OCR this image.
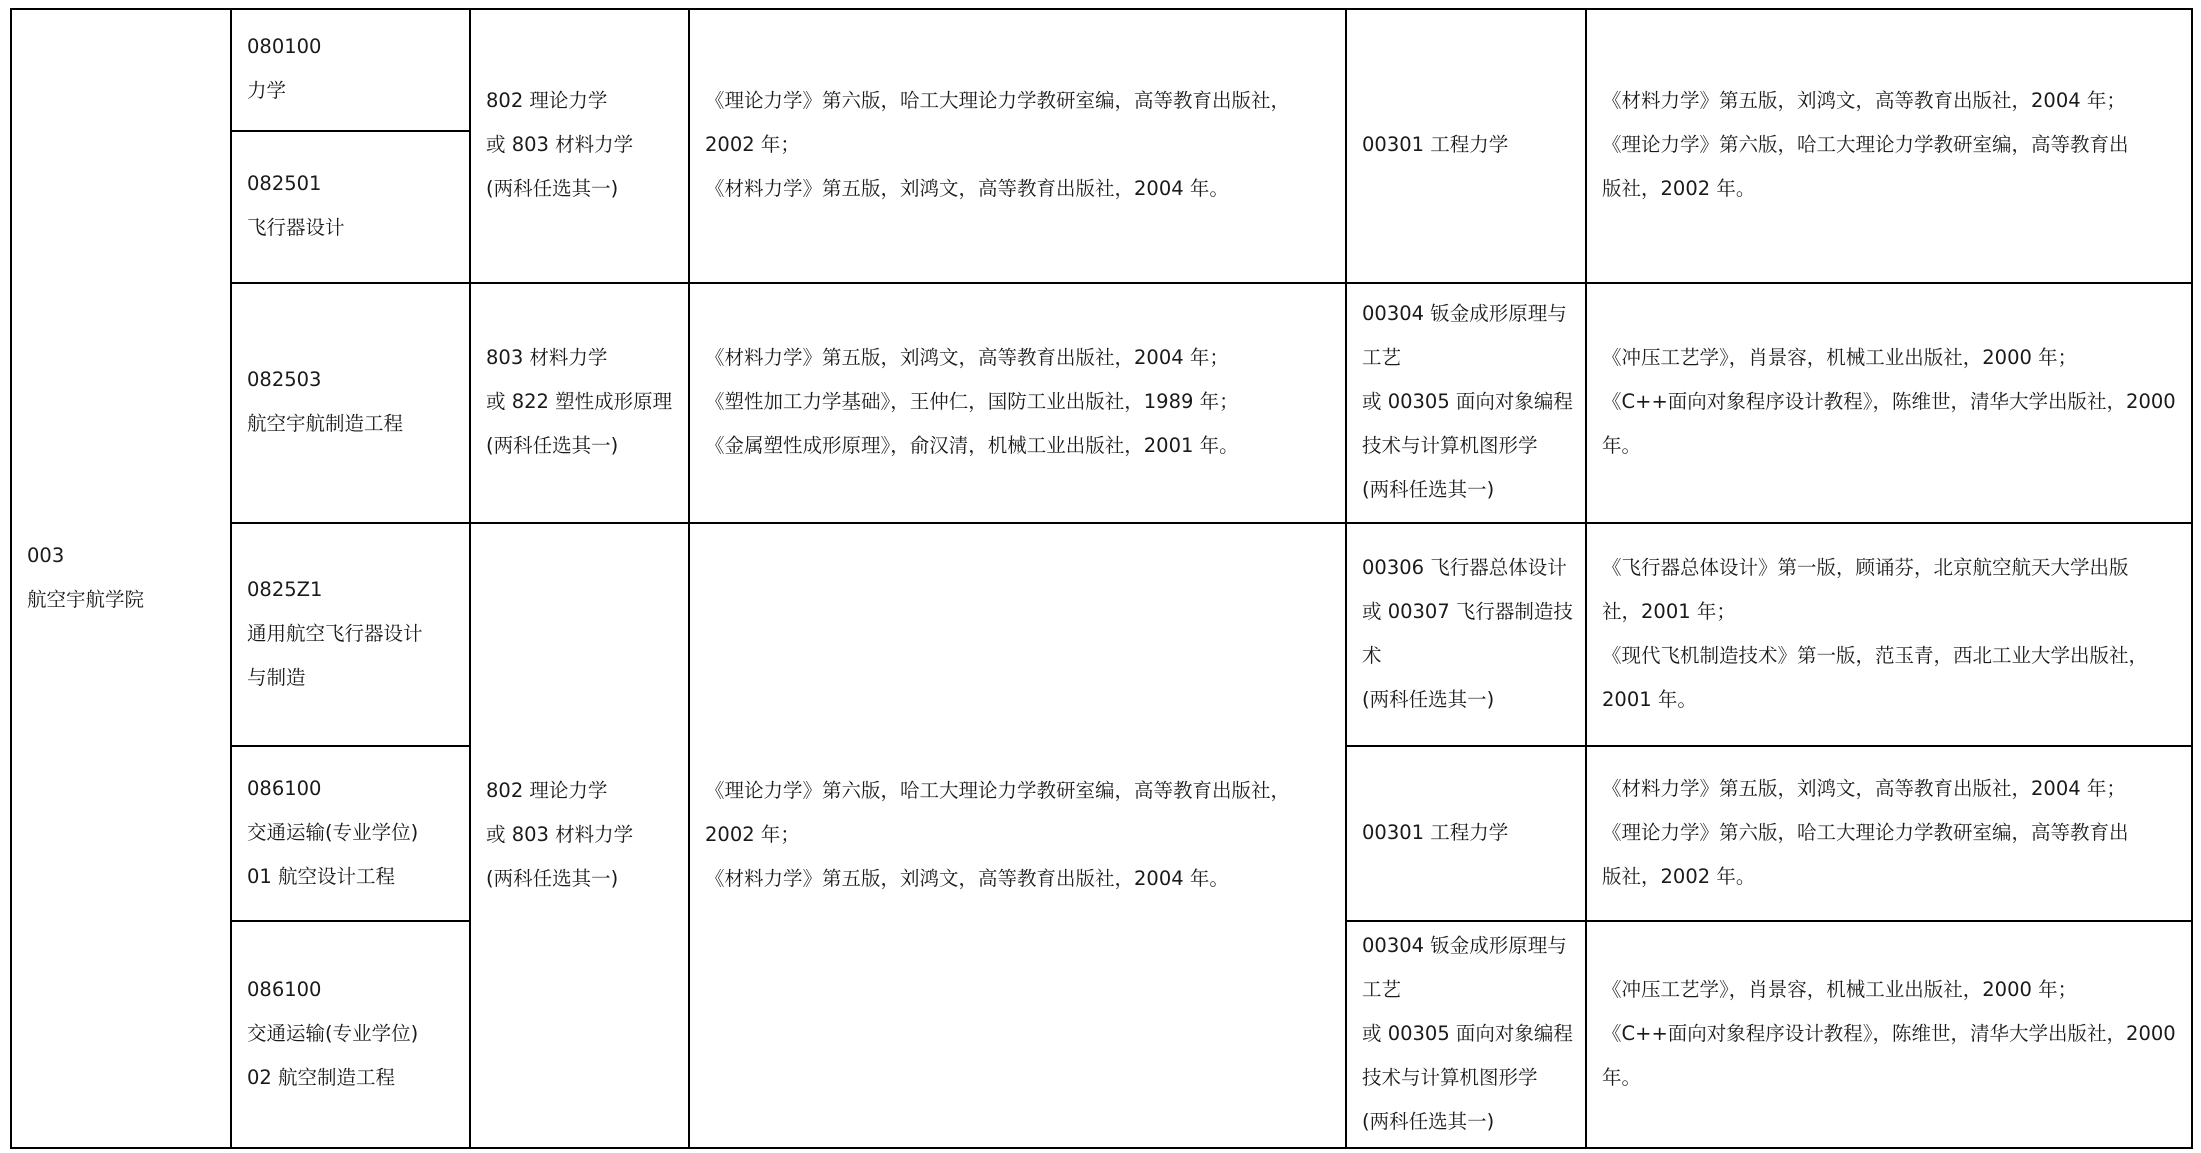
003
航空宇航学院
080100
力学
082501
飞行器设计
082503
航空宇航制造工程
0825Z1
通用航空飞行器设计
与制造
086100
交通运输(专业学位)
01 航空设计工程
086100
交通运输(专业学位)
02 航空制造工程
802 理论力学
或 803 材料力学
(两科任选其一)
803 材料力学
或 822 塑性成形原理
(两科任选其一)
802 理论力学
或 803 材料力学
(两科任选其一)
《理论力学》第六版，哈工大理论力学教研室编，高等教育出版社，
2002 年；
《材料力学》第五版，刘鸿文，高等教育出版社，2004 年。
《材料力学》第五版，刘鸿文，高等教育出版社，2004 年；
《塑性加工力学基础》，王仲仁，国防工业出版社，1989 年；
《金属塑性成形原理》，俞汉清，机械工业出版社，2001 年。
《理论力学》第六版，哈工大理论力学教研室编，高等教育出版社，
2002 年；
《材料力学》第五版，刘鸿文，高等教育出版社，2004 年。
00301 工程力学
00304 钣金成形原理与
工艺
或 00305 面向对象编程
技术与计算机图形学
(两科任选其一)
00306 飞行器总体设计
或 00307 飞行器制造技
术
(两科任选其一)
00301 工程力学
00304 钣金成形原理与
工艺
或 00305 面向对象编程
技术与计算机图形学
(两科任选其一)
《材料力学》第五版，刘鸿文，高等教育出版社，2004 年；
《理论力学》第六版，哈工大理论力学教研室编，高等教育出
版社，2002 年。
《冲压工艺学》，肖景容，机械工业出版社，2000 年；
《C++面向对象程序设计教程》，陈维世，清华大学出版社，2000
年。
《飞行器总体设计》第一版，顾诵芬，北京航空航天大学出版
社，2001 年；
《现代飞机制造技术》第一版，范玉青，西北工业大学出版社，
2001 年。
《材料力学》第五版，刘鸿文，高等教育出版社，2004 年；
《理论力学》第六版，哈工大理论力学教研室编，高等教育出
版社，2002 年。
《冲压工艺学》，肖景容，机械工业出版社，2000 年；
《C++面向对象程序设计教程》，陈维世，清华大学出版社，2000
年。
